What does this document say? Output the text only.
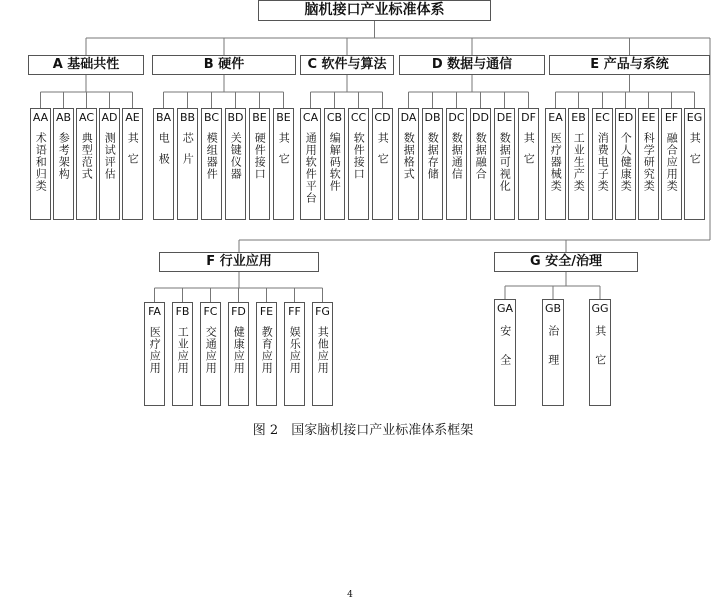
脑机接口产业标准体系
A 基础共性
AA
术语和归类
AB
参考架构
AC
典型范式
AD
测试评估
AE
其它
B 硬件
BA
电极
BB
芯片
BC
模组器件
BD
关键仪器
BE
硬件接口
BE
其它
C 软件与算法
CA
通用软件平台
CB
编解码软件
CC
软件接口
CD
其它
D 数据与通信
DA
数据格式
DB
数据存储
DC
数据通信
DD
数据融合
DE
数据可视化
DF
其它
E 产品与系统
EA
医疗器械类
EB
工业生产类
EC
消费电子类
ED
个人健康类
EE
科学研究类
EF
融合应用类
EG
其它
F 行业应用
FA
医疗应用
FB
工业应用
FC
交通应用
FD
健康应用
FE
教育应用
FF
娱乐应用
FG
其他应用
G 安全/治理
GA
安全
GB
治理
GG
其它
图 2　国家脑机接口产业标准体系框架
4
